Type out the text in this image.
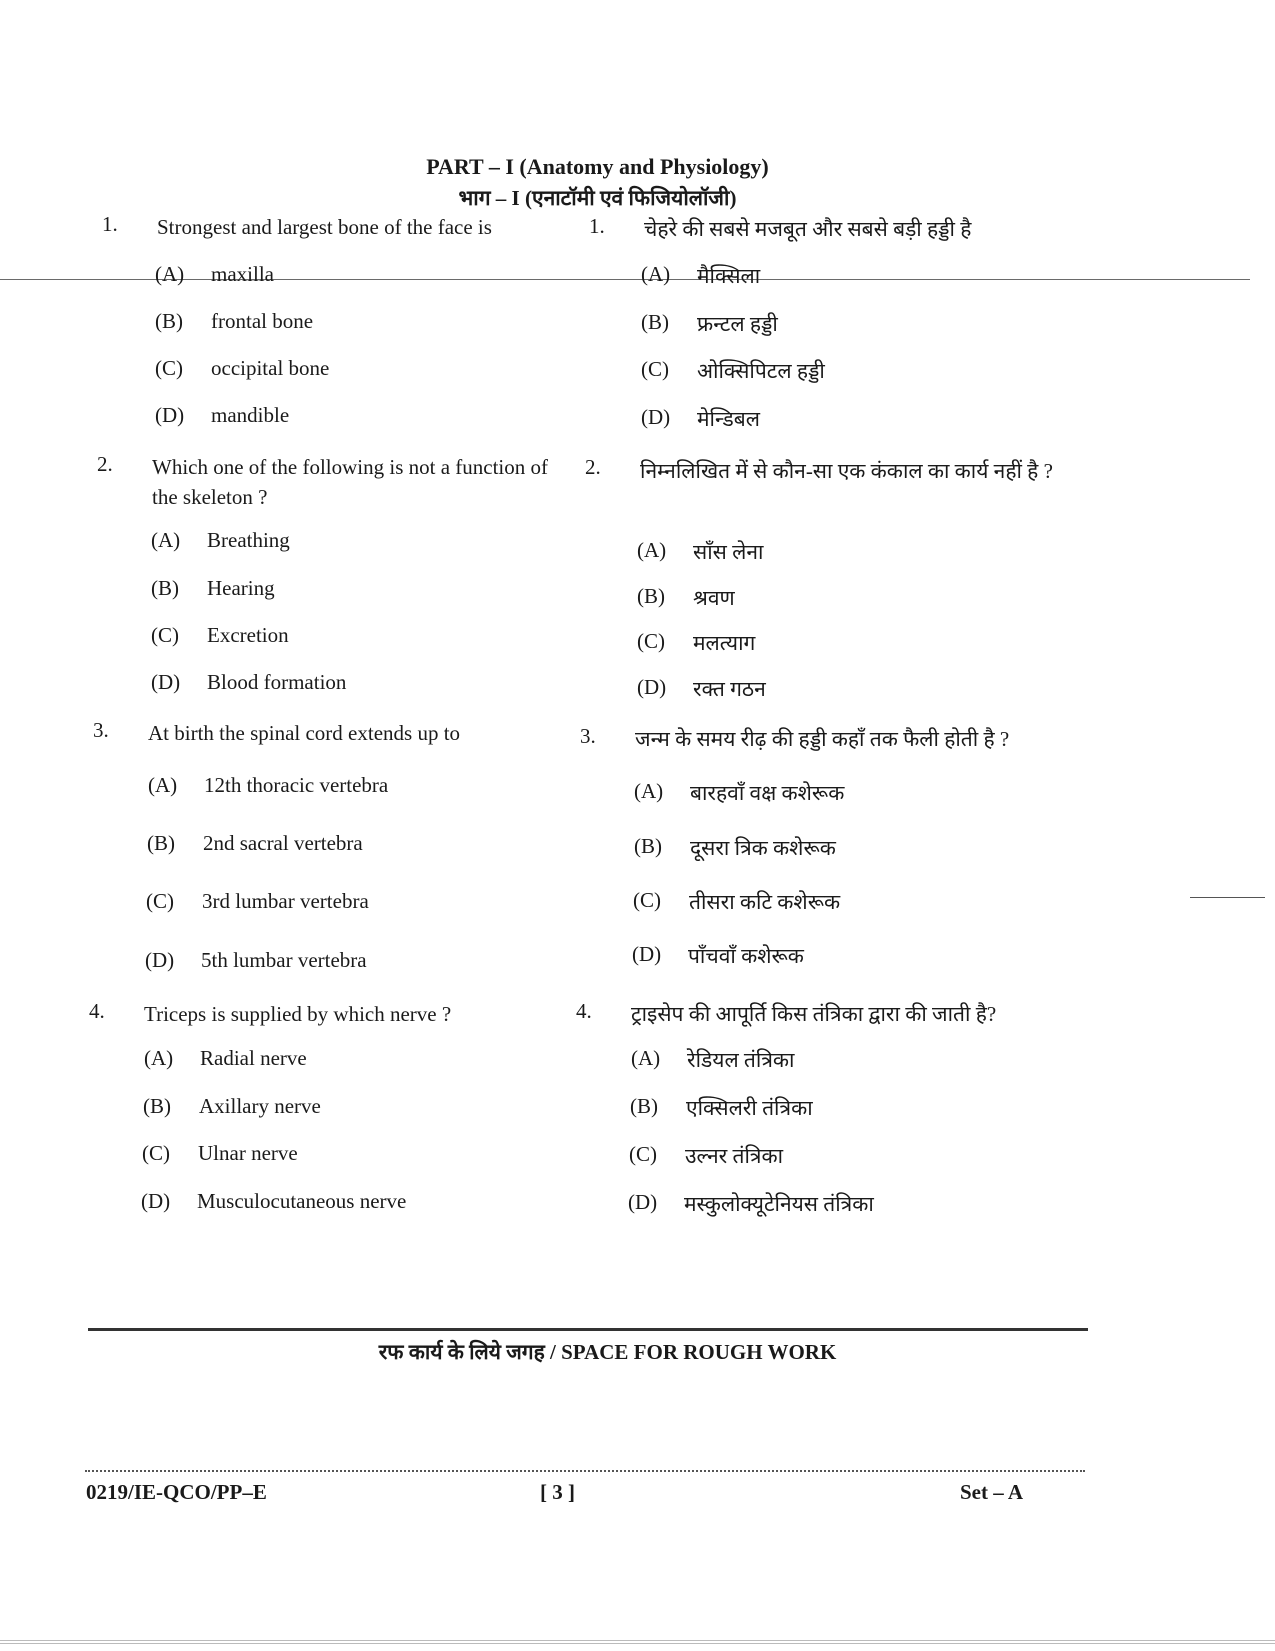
PART – I (Anatomy and Physiology)
भाग – I (एनाटॉमी एवं फिजियोलॉजी)
1. Strongest and largest bone of the face is
(A) maxilla
(B) frontal bone
(C) occipital bone
(D) mandible
2. Which one of the following is not a function of the skeleton ?
(A) Breathing
(B) Hearing
(C) Excretion
(D) Blood formation
3. At birth the spinal cord extends up to
(A) 12th thoracic vertebra
(B) 2nd sacral vertebra
(C) 3rd lumbar vertebra
(D) 5th lumbar vertebra
4. Triceps is supplied by which nerve ?
(A) Radial nerve
(B) Axillary nerve
(C) Ulnar nerve
(D) Musculocutaneous nerve
1. चेहरे की सबसे मजबूत और सबसे बड़ी हड्डी है
(A) मैक्सिला
(B) फ्रन्टल हड्डी
(C) ओक्सिपिटल हड्डी
(D) मेन्डिबल
2. निम्नलिखित में से कौन-सा एक कंकाल का कार्य नहीं है ?
(A) साँस लेना
(B) श्रवण
(C) मलत्याग
(D) रक्त गठन
3. जन्म के समय रीढ़ की हड्डी कहाँ तक फैली होती है ?
(A) बारहवाँ वक्ष कशेरूक
(B) दूसरा त्रिक कशेरूक
(C) तीसरा कटि कशेरूक
(D) पाँचवाँ कशेरूक
4. ट्राइसेप की आपूर्ति किस तंत्रिका द्वारा की जाती है?
(A) रेडियल तंत्रिका
(B) एक्सिलरी तंत्रिका
(C) उल्नर तंत्रिका
(D) मस्कुलोक्यूटेनियस तंत्रिका
रफ कार्य के लिये जगह / SPACE FOR ROUGH WORK
0219/IE-QCO/PP–E	[ 3 ]	Set – A
